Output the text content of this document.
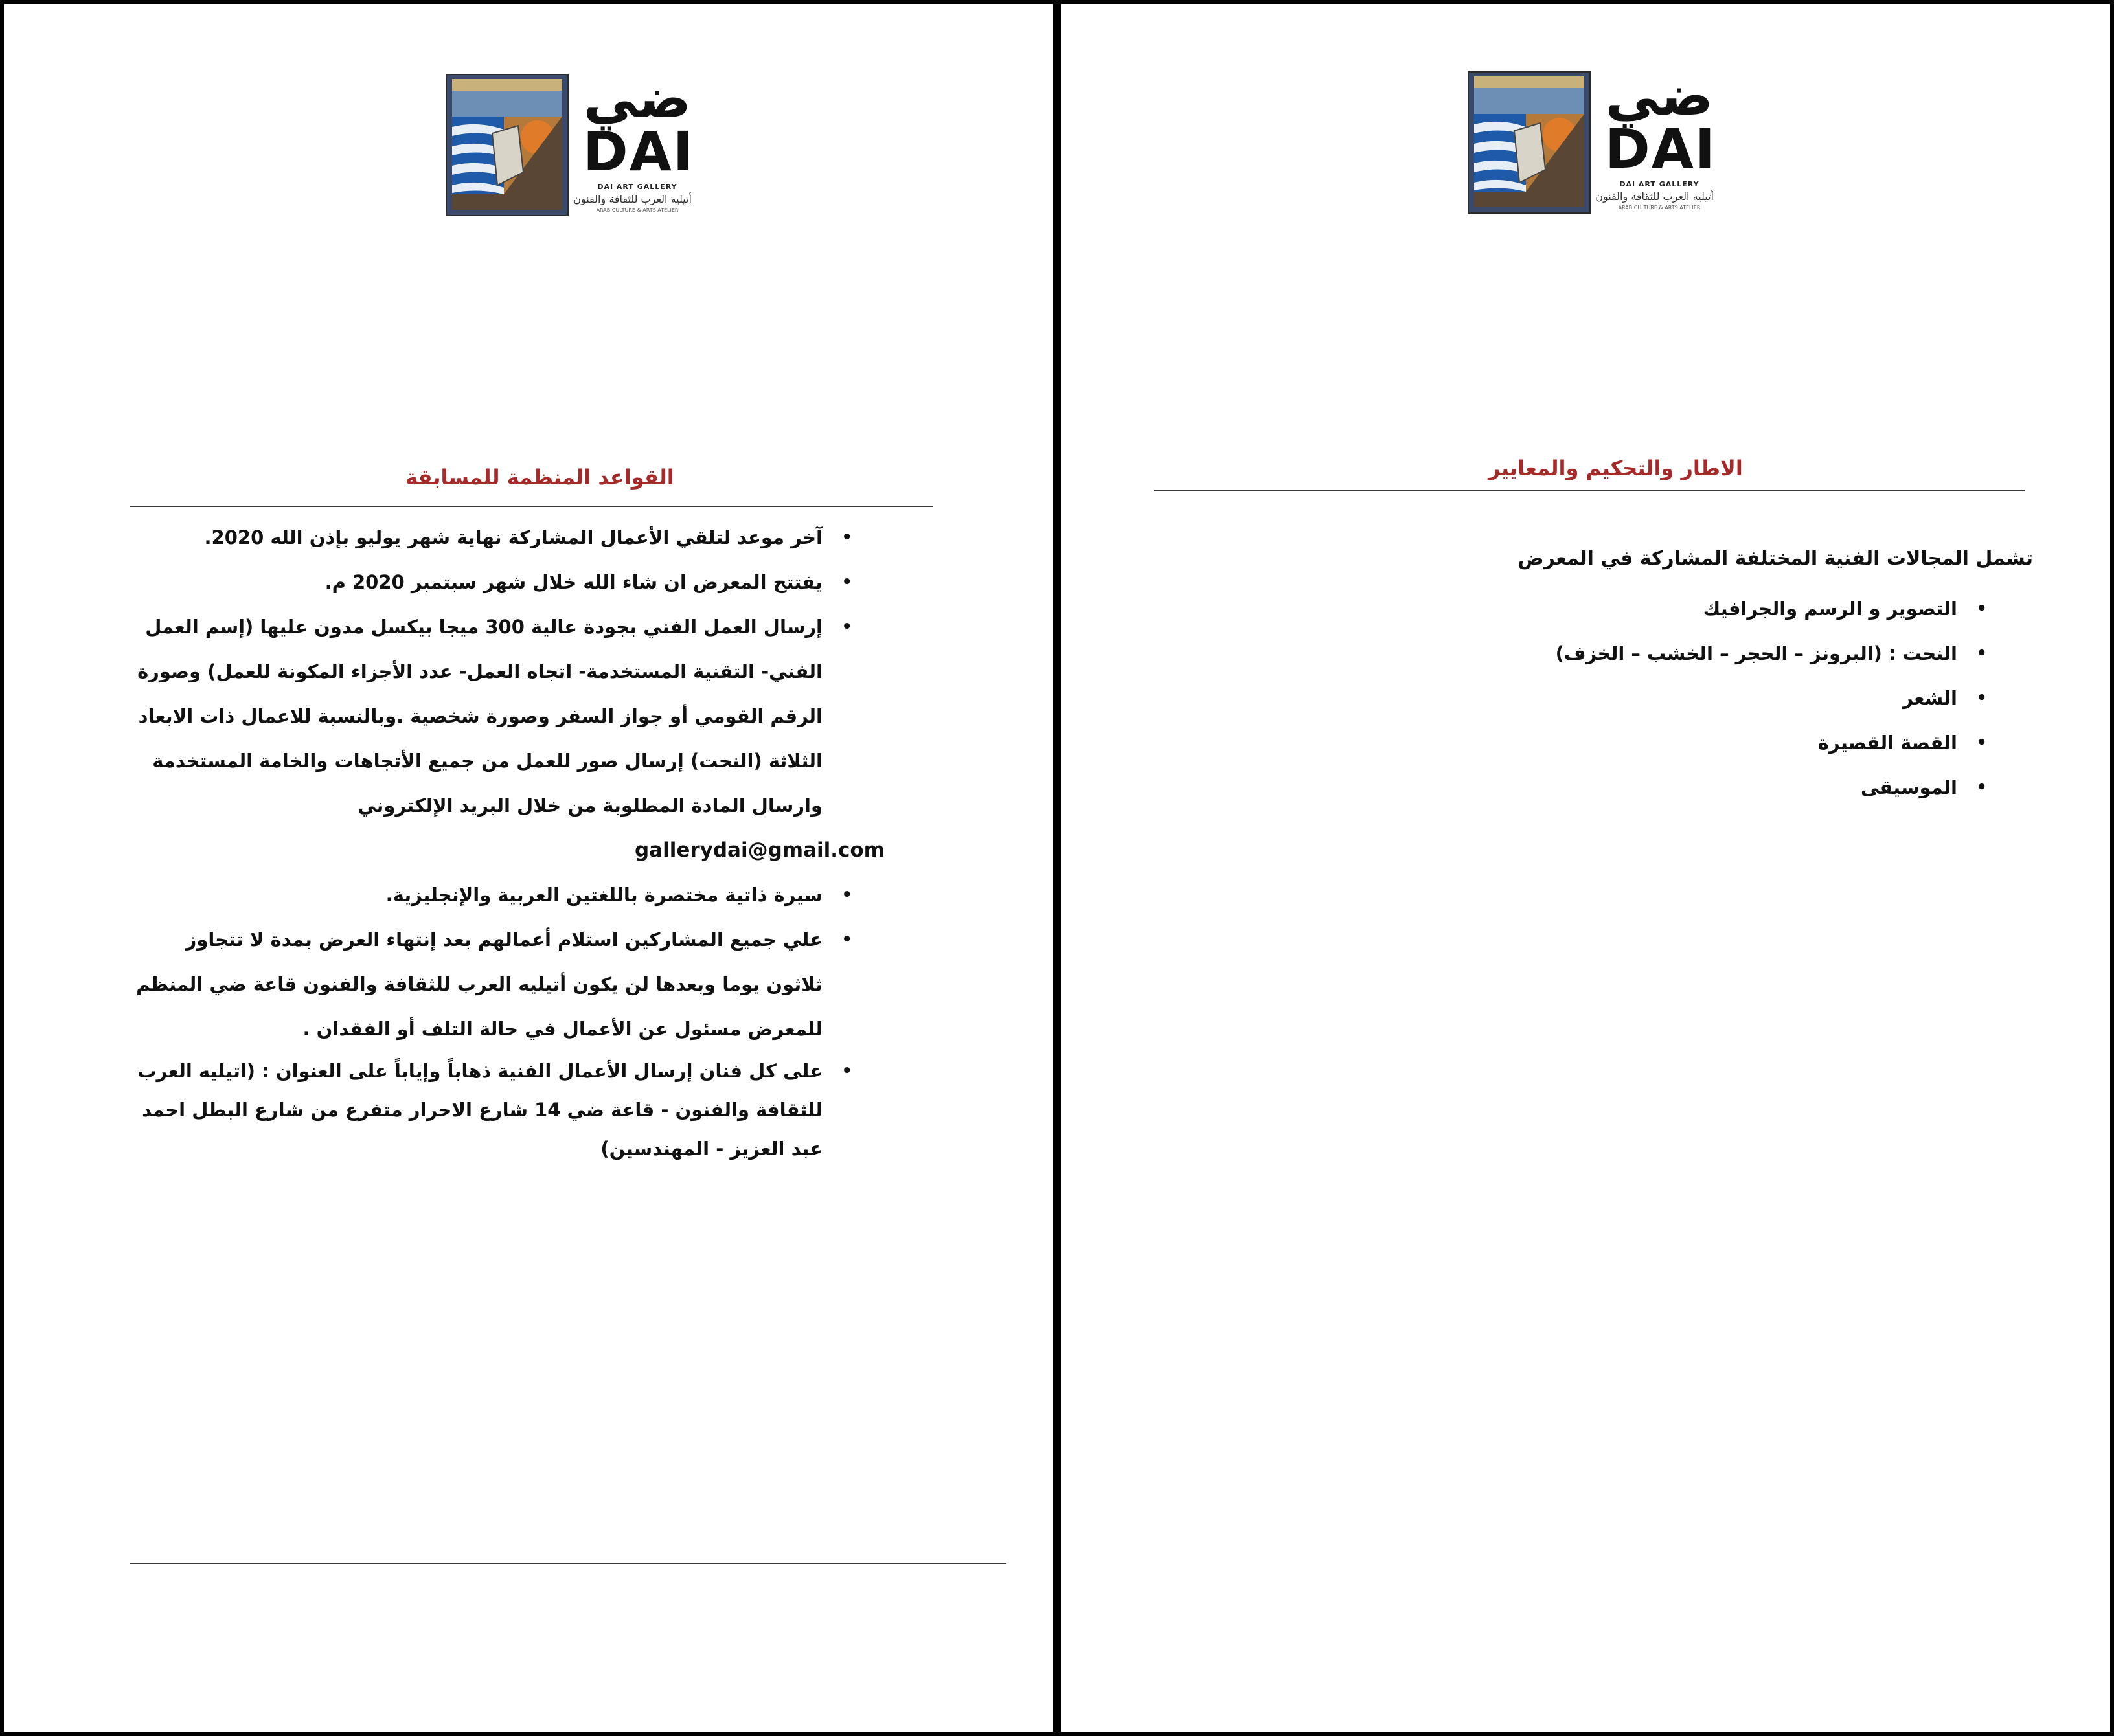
ضي
DAI
DAI ART GALLERY
أتيليه العرب للثقافة والفنون
ARAB CULTURE & ARTS ATELIER
القواعد المنظمة للمسابقة
• آخر موعد لتلقي الأعمال المشاركة نهاية شهر يوليو بإذن الله 2020.
• يفتتح المعرض ان شاء الله خلال شهر سبتمبر 2020 م.
• إرسال العمل الفني بجودة عالية 300 ميجا بيكسل مدون عليها (إسم العمل الفني- التقنية المستخدمة- اتجاه العمل- عدد الأجزاء المكونة للعمل) وصورة الرقم القومي أو جواز السفر وصورة شخصية .وبالنسبة للاعمال ذات الابعاد الثلاثة (النحت) إرسال صور للعمل من جميع الأتجاهات والخامة المستخدمة وارسال المادة المطلوبة من خلال البريد الإلكتروني
gallerydai@gmail.com
• سيرة ذاتية مختصرة باللغتين العربية والإنجليزية.
• علي جميع المشاركين استلام أعمالهم بعد إنتهاء العرض بمدة لا تتجاوز ثلاثون يوما وبعدها لن يكون أتيليه العرب للثقافة والفنون قاعة ضي المنظم للمعرض مسئول عن الأعمال في حالة التلف أو الفقدان .
• على كل فنان إرسال الأعمال الفنية ذهاباً وإياباً على العنوان : (اتيليه العرب للثقافة والفنون - قاعة ضي 14 شارع الاحرار متفرع من شارع البطل احمد عبد العزيز - المهندسين)
ضي
DAI
DAI ART GALLERY
أتيليه العرب للثقافة والفنون
ARAB CULTURE & ARTS ATELIER
الاطار والتحكيم والمعايير
تشمل المجالات الفنية المختلفة المشاركة في المعرض
• التصوير و الرسم والجرافيك
• النحت : (البرونز – الحجر – الخشب – الخزف)
• الشعر
• القصة القصيرة
• الموسيقى
